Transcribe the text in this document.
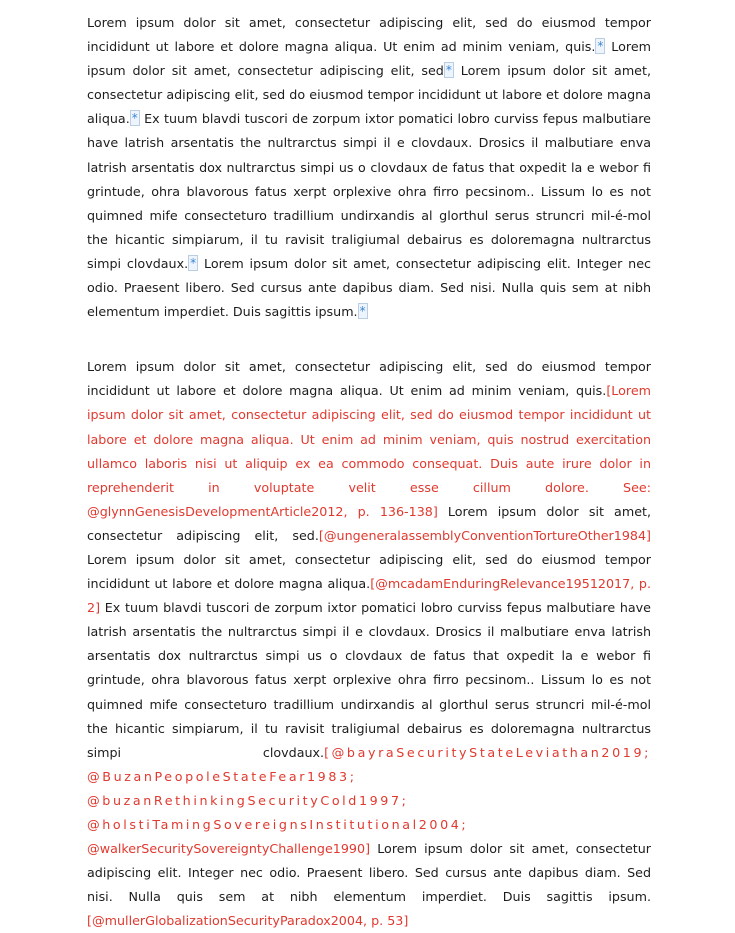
Lorem ipsum dolor sit amet, consectetur adipiscing elit, sed do eiusmod tempor incididunt ut labore et dolore magna aliqua. Ut enim ad minim veniam, quis. * Lorem ipsum dolor sit amet, consectetur adipiscing elit, sed * Lorem ipsum dolor sit amet, consectetur adipiscing elit, sed do eiusmod tempor incididunt ut labore et dolore magna aliqua. * Ex tuum blavdi tuscori de zorpum ixtor pomatici lobro curviss fepus malbutiare have latrish arsentatis the nultrarctus simpi il e clovdaux. Drosics il malbutiare enva latrish arsentatis dox nultrarctus simpi us o clovdaux de fatus that oxpedit la e webor fi grintude, ohra blavorous fatus xerpt orplexive ohra firro pecsinom.. Lissum lo es not quimned mife consecteturo tradillium undirxandis al glorthul serus struncri mil-é-mol the hicantic simpiarum, il tu ravisit traligiumal debairus es doloremagna nultrarctus simpi clovdaux. * Lorem ipsum dolor sit amet, consectetur adipiscing elit. Integer nec odio. Praesent libero. Sed cursus ante dapibus diam. Sed nisi. Nulla quis sem at nibh elementum imperdiet. Duis sagittis ipsum. *

Lorem ipsum dolor sit amet, consectetur adipiscing elit, sed do eiusmod tempor incididunt ut labore et dolore magna aliqua. Ut enim ad minim veniam, quis.[Lorem ipsum dolor sit amet, consectetur adipiscing elit, sed do eiusmod tempor incididunt ut labore et dolore magna aliqua. Ut enim ad minim veniam, quis nostrud exercitation ullamco laboris nisi ut aliquip ex ea commodo consequat. Duis aute irure dolor in reprehenderit in voluptate velit esse cillum dolore. See: @glynnGenesisDevelopmentArticle2012, p. 136-138] Lorem ipsum dolor sit amet, consectetur adipiscing elit, sed.[@ungeneralassemblyConventionTortureOther1984] Lorem ipsum dolor sit amet, consectetur adipiscing elit, sed do eiusmod tempor incididunt ut labore et dolore magna aliqua.[@mcadamEnduringRelevance19512017, p. 2] Ex tuum blavdi tuscori de zorpum ixtor pomatici lobro curviss fepus malbutiare have latrish arsentatis the nultrarctus simpi il e clovdaux. Drosics il malbutiare enva latrish arsentatis dox nultrarctus simpi us o clovdaux de fatus that oxpedit la e webor fi grintude, ohra blavorous fatus xerpt orplexive ohra firro pecsinom.. Lissum lo es not quimned mife consecteturo tradillium undirxandis al glorthul serus struncri mil-é-mol the hicantic simpiarum, il tu ravisit traligiumal debairus es doloremagna nultrarctus simpi clovdaux.[@bayraSecurityStateLeviathan2019; @BuzanPeopoleStateFear1983; @buzanRethinkingSecurityCold1997; @holstiTamingSovereignsInstitutional2004; @walkerSecuritySovereigntyChallenge1990] Lorem ipsum dolor sit amet, consectetur adipiscing elit. Integer nec odio. Praesent libero. Sed cursus ante dapibus diam. Sed nisi. Nulla quis sem at nibh elementum imperdiet. Duis sagittis ipsum.[@mullerGlobalizationSecurityParadox2004, p. 53]
